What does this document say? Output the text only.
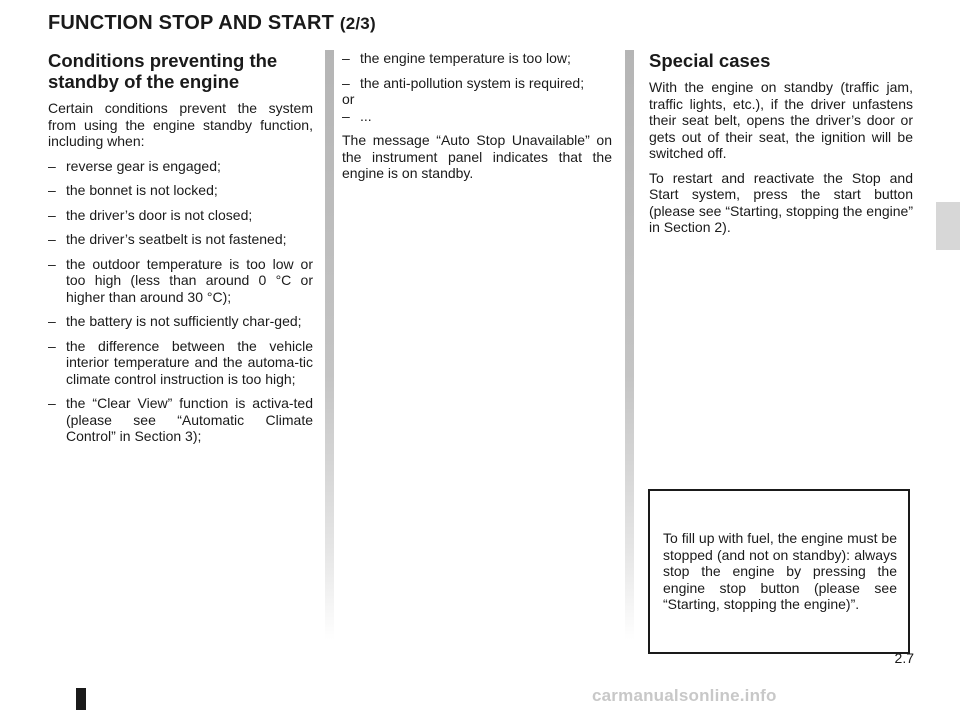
FUNCTION STOP AND START (2/3)
Conditions preventing the standby of the engine

Certain conditions prevent the system from using the engine standby function, including when:

– reverse gear is engaged;
– the bonnet is not locked;
– the driver’s door is not closed;
– the driver’s seatbelt is not fastened;
– the outdoor temperature is too low or too high (less than around 0 °C or higher than around 30 °C);
– the battery is not sufficiently char-ged;
– the difference between the vehicle interior temperature and the automa-tic climate control instruction is too high;
– the “Clear View” function is activa-ted (please see “Automatic Climate Control” in Section 3);
– the engine temperature is too low;
– the anti-pollution system is required;
or
– ...

The message “Auto Stop Unavailable” on the instrument panel indicates that the engine is on standby.

Special cases

With the engine on standby (traffic jam, traffic lights, etc.), if the driver unfastens their seat belt, opens the driver’s door or gets out of their seat, the ignition will be switched off.

To restart and reactivate the Stop and Start system, press the start button (please see “Starting, stopping the engine” in Section 2).

To fill up with fuel, the engine must be stopped (and not on standby): always stop the engine by pressing the engine stop button (please see “Starting, stopping the engine)”.
2.7
carmanualsonline.info
